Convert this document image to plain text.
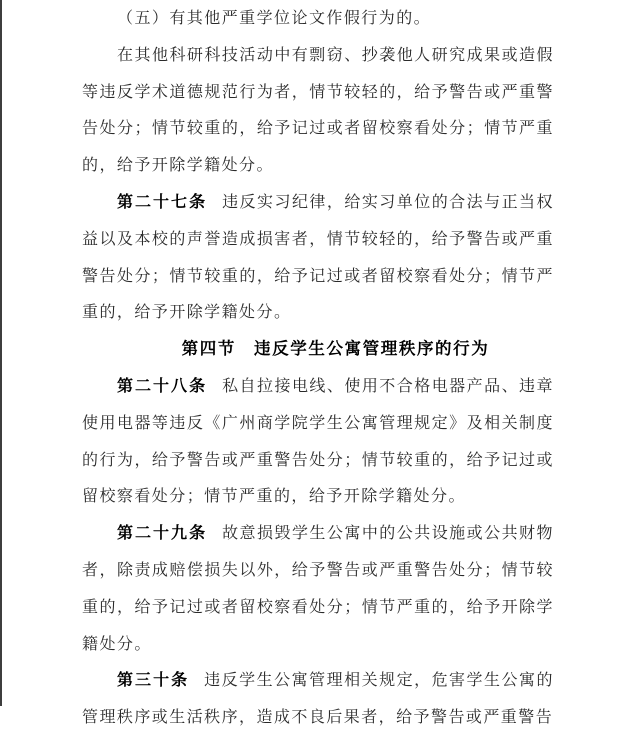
（五）有其他严重学位论文作假行为的。

在其他科研科技活动中有剽窃、抄袭他人研究成果或造假等违反学术道德规范行为者，情节较轻的，给予警告或严重警告处分；情节较重的，给予记过或者留校察看处分；情节严重的，给予开除学籍处分。

第二十七条 违反实习纪律，给实习单位的合法与正当权益以及本校的声誉造成损害者，情节较轻的，给予警告或严重警告处分；情节较重的，给予记过或者留校察看处分；情节严重的，给予开除学籍处分。

第四节　违反学生公寓管理秩序的行为

第二十八条 私自拉接电线、使用不合格电器产品、违章使用电器等违反《广州商学院学生公寓管理规定》及相关制度的行为，给予警告或严重警告处分；情节较重的，给予记过或留校察看处分；情节严重的，给予开除学籍处分。

第二十九条 故意损毁学生公寓中的公共设施或公共财物者，除责成赔偿损失以外，给予警告或严重警告处分；情节较重的，给予记过或者留校察看处分；情节严重的，给予开除学籍处分。

第三十条 违反学生公寓管理相关规定，危害学生公寓的管理秩序或生活秩序，造成不良后果者，给予警告或严重警告
